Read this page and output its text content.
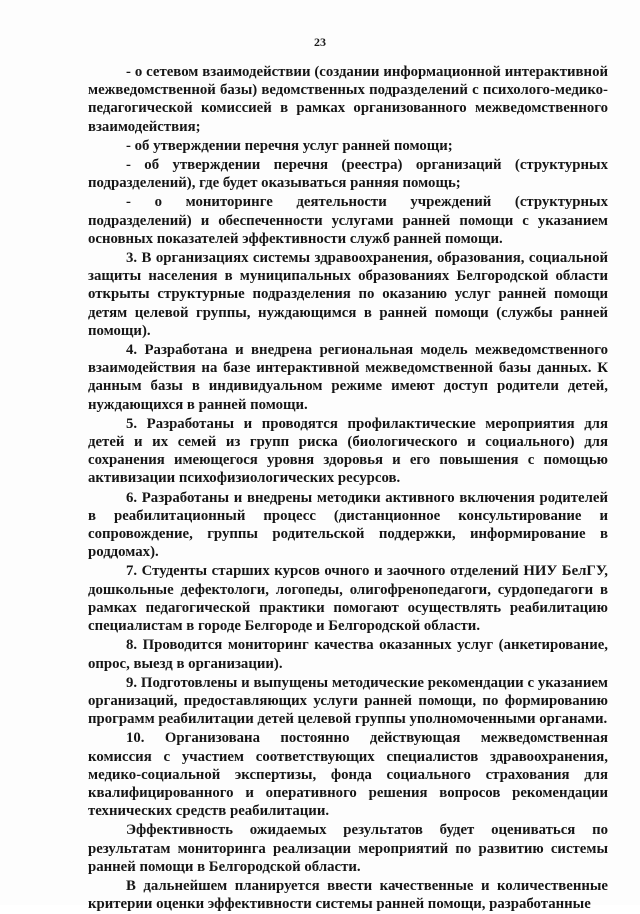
23

- о сетевом взаимодействии (создании информационной интерактивной межведомственной базы) ведомственных подразделений с психолого-медико-педагогической комиссией в рамках организованного межведомственного взаимодействия;

- об утверждении перечня услуг ранней помощи;

- об утверждении перечня (реестра) организаций (структурных подразделений), где будет оказываться ранняя помощь;

- о мониторинге деятельности учреждений (структурных подразделений) и обеспеченности услугами ранней помощи с указанием основных показателей эффективности служб ранней помощи.

3. В организациях системы здравоохранения, образования, социальной защиты населения в муниципальных образованиях Белгородской области открыты структурные подразделения по оказанию услуг ранней помощи детям целевой группы, нуждающимся в ранней помощи (службы ранней помощи).

4. Разработана и внедрена региональная модель межведомственного взаимодействия на базе интерактивной межведомственной базы данных. К данным базы в индивидуальном режиме имеют доступ родители детей, нуждающихся в ранней помощи.

5. Разработаны и проводятся профилактические мероприятия для детей и их семей из групп риска (биологического и социального) для сохранения имеющегося уровня здоровья и его повышения с помощью активизации психофизиологических ресурсов.

6. Разработаны и внедрены методики активного включения родителей в реабилитационный процесс (дистанционное консультирование и сопровождение, группы родительской поддержки, информирование в роддомах).

7. Студенты старших курсов очного и заочного отделений НИУ БелГУ, дошкольные дефектологи, логопеды, олигофренопедагоги, сурдопедагоги в рамках педагогической практики помогают осуществлять реабилитацию специалистам в городе Белгороде и Белгородской области.

8. Проводится мониторинг качества оказанных услуг (анкетирование, опрос, выезд в организации).

9. Подготовлены и выпущены методические рекомендации с указанием организаций, предоставляющих услуги ранней помощи, по формированию программ реабилитации детей целевой группы уполномоченными органами.

10. Организована постоянно действующая межведомственная комиссия с участием соответствующих специалистов здравоохранения, медико-социальной экспертизы, фонда социального страхования для квалифицированного и оперативного решения вопросов рекомендации технических средств реабилитации.

Эффективность ожидаемых результатов будет оцениваться по результатам мониторинга реализации мероприятий по развитию системы ранней помощи в Белгородской области.

В дальнейшем планируется ввести качественные и количественные критерии оценки эффективности системы ранней помощи, разработанные
